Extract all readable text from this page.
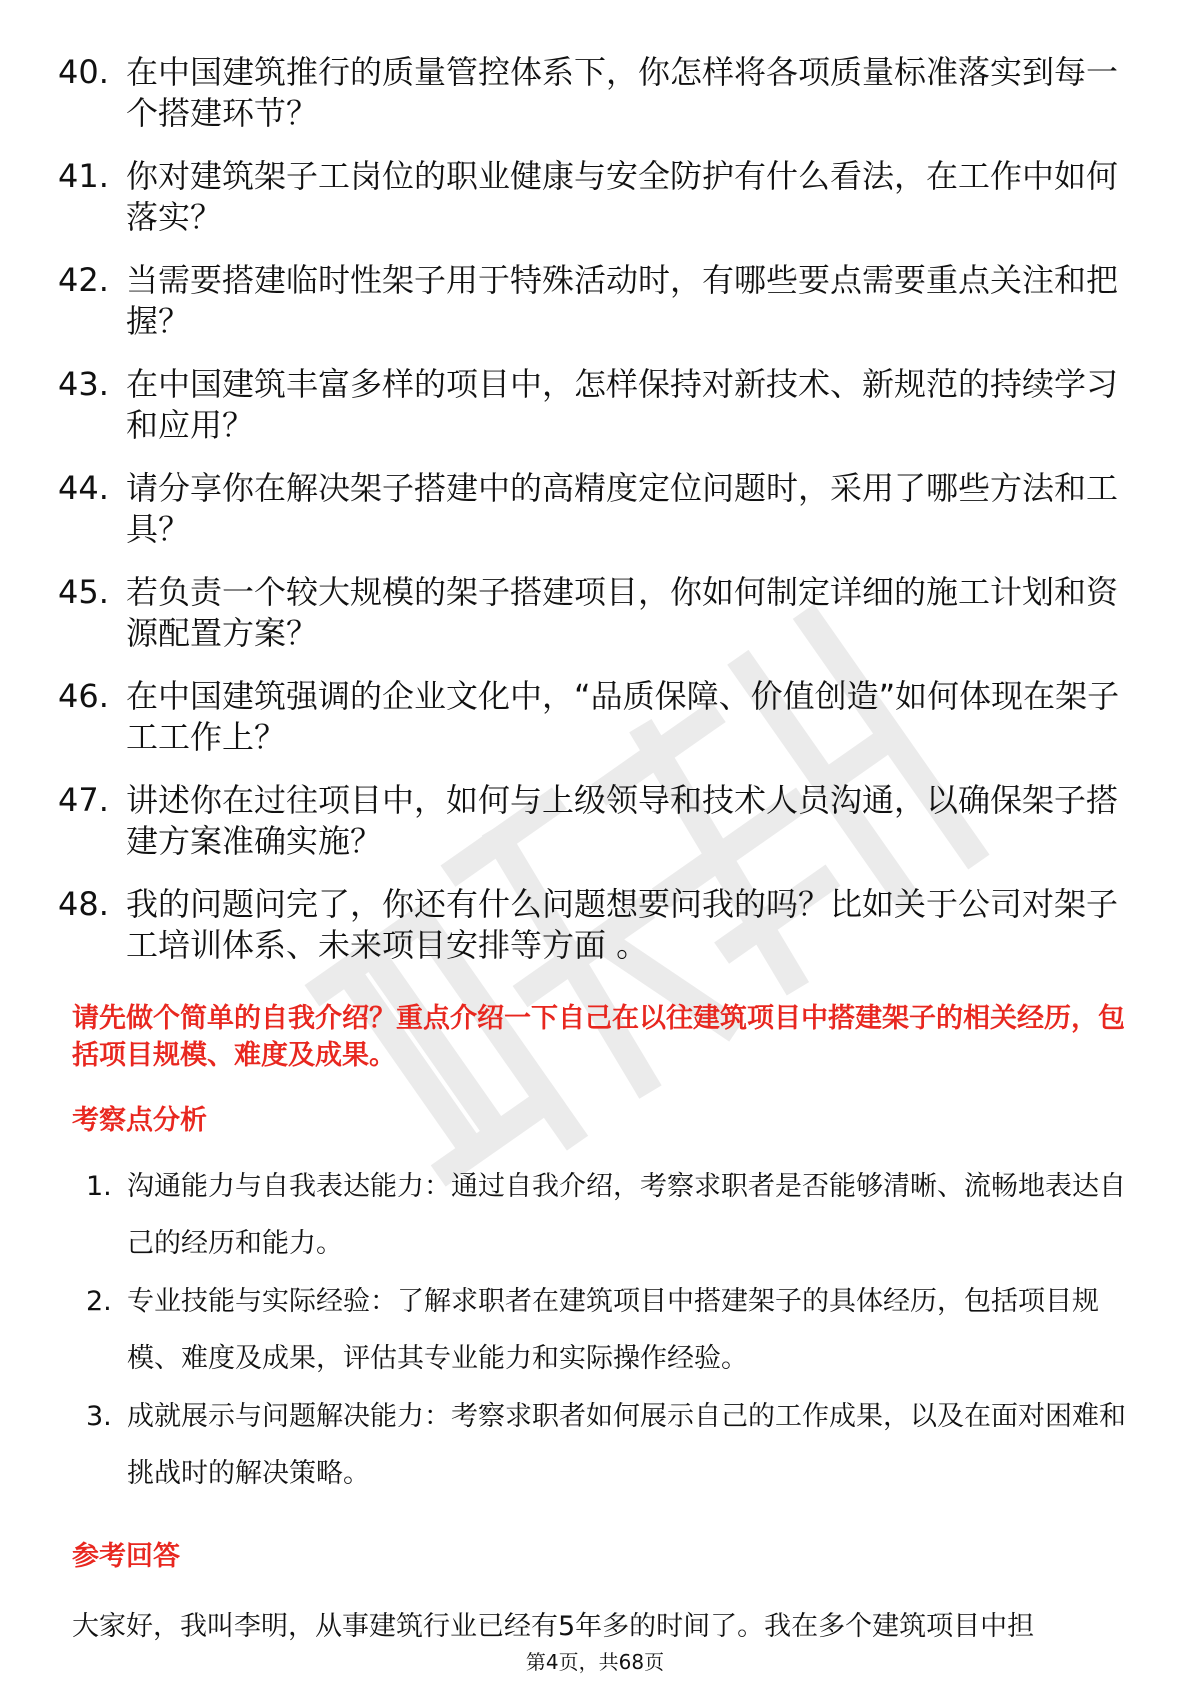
40. 在中国建筑推行的质量管控体系下，你怎样将各项质量标准落实到每一个搭建环节？
41. 你对建筑架子工岗位的职业健康与安全防护有什么看法，在工作中如何落实？
42. 当需要搭建临时性架子用于特殊活动时，有哪些要点需要重点关注和把握？
43. 在中国建筑丰富多样的项目中，怎样保持对新技术、新规范的持续学习和应用？
44. 请分享你在解决架子搭建中的高精度定位问题时，采用了哪些方法和工具？
45. 若负责一个较大规模的架子搭建项目，你如何制定详细的施工计划和资源配置方案？
46. 在中国建筑强调的企业文化中，“品质保障、价值创造”如何体现在架子工工作上？
47. 讲述你在过往项目中，如何与上级领导和技术人员沟通，以确保架子搭建方案准确实施？
48. 我的问题问完了，你还有什么问题想要问我的吗？比如关于公司对架子工培训体系、未来项目安排等方面 。
请先做个简单的自我介绍？重点介绍一下自己在以往建筑项目中搭建架子的相关经历，包括项目规模、难度及成果。
考察点分析
1. 沟通能力与自我表达能力：通过自我介绍，考察求职者是否能够清晰、流畅地表达自己的经历和能力。
2. 专业技能与实际经验：了解求职者在建筑项目中搭建架子的具体经历，包括项目规模、难度及成果，评估其专业能力和实际操作经验。
3. 成就展示与问题解决能力：考察求职者如何展示自己的工作成果，以及在面对困难和挑战时的解决策略。
参考回答
大家好，我叫李明，从事建筑行业已经有5年多的时间了。我在多个建筑项目中担
第4页，共68页
